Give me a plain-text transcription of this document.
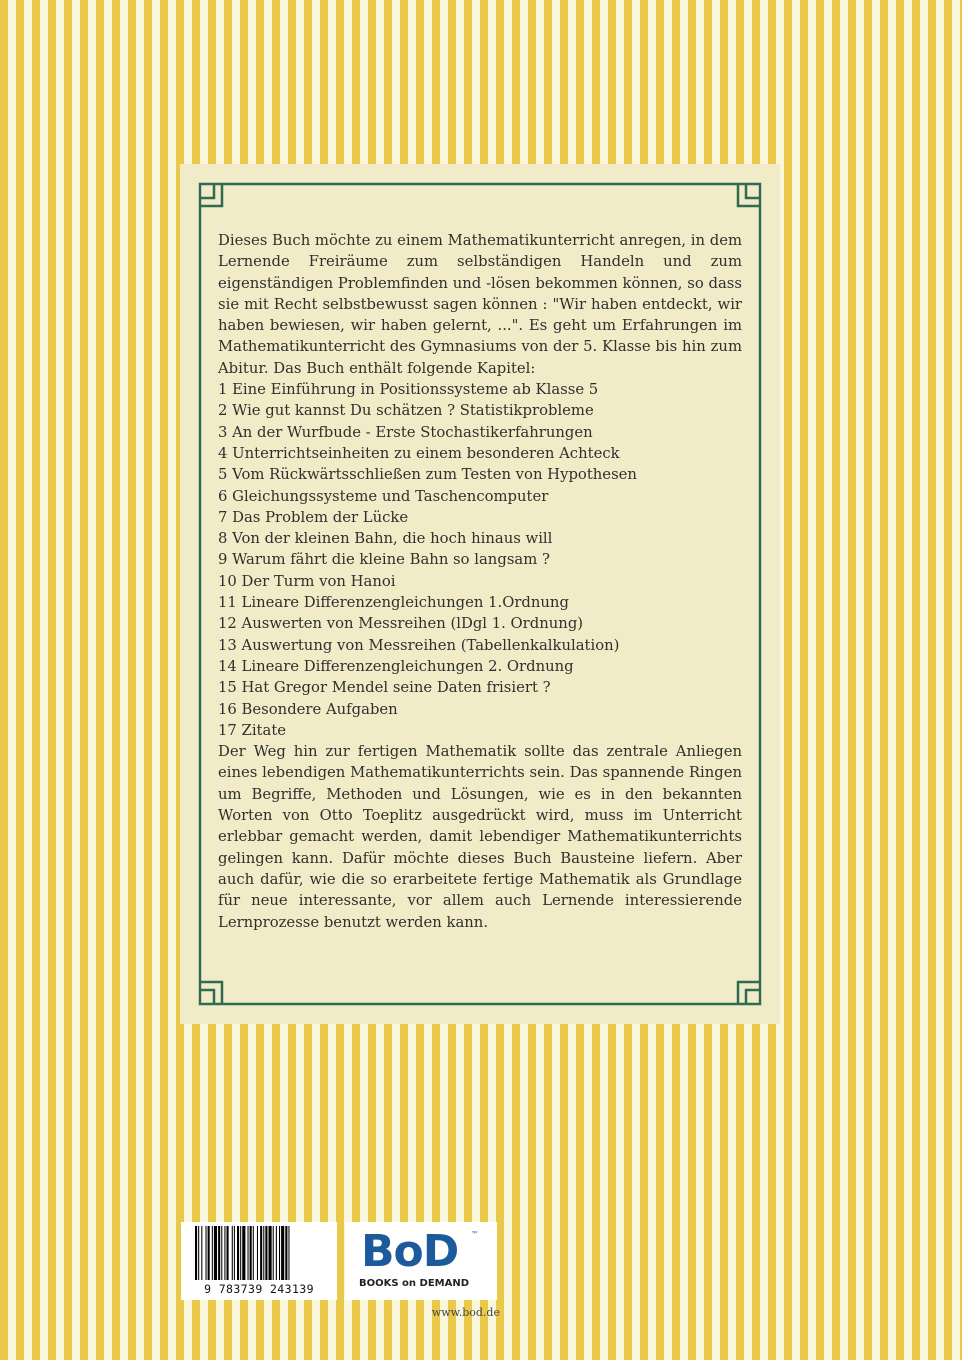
Dieses Buch möchte zu einem Mathematikunterricht anregen, in dem Lernende Freiräume zum selbständigen Handeln und zum eigenständigen Problemfinden und -lösen bekommen können, so dass sie mit Recht selbstbewusst sagen können : "Wir haben entdeckt, wir haben bewiesen, wir haben gelernt, ...". Es geht um Erfahrungen im Mathematikunterricht des Gymnasiums von der 5. Klasse bis hin zum Abitur. Das Buch enthält folgende Kapitel:

1 Eine Einführung in Positionssysteme ab Klasse 5
2 Wie gut kannst Du schätzen ? Statistikprobleme
3 An der Wurfbude - Erste Stochastikerfahrungen
4 Unterrichtseinheiten zu einem besonderen Achteck
5 Vom Rückwärtsschließen zum Testen von Hypothesen
6 Gleichungssysteme und Taschencomputer
7 Das Problem der Lücke
8 Von der kleinen Bahn, die hoch hinaus will
9 Warum fährt die kleine Bahn so langsam ?
10 Der Turm von Hanoi
11 Lineare Differenzengleichungen 1.Ordnung
12 Auswerten von Messreihen (lDgl 1. Ordnung)
13 Auswertung von Messreihen (Tabellenkalkulation)
14 Lineare Differenzengleichungen 2. Ordnung
15 Hat Gregor Mendel seine Daten frisiert ?
16 Besondere Aufgaben
17 Zitate

Der Weg hin zur fertigen Mathematik sollte das zentrale Anliegen eines lebendigen Mathematikunterrichts sein. Das spannende Ringen um Begriffe, Methoden und Lösungen, wie es in den bekannten Worten von Otto Toeplitz ausgedrückt wird, muss im Unterricht erlebbar gemacht werden, damit lebendiger Mathematikunterrichts gelingen kann. Dafür möchte dieses Buch Bausteine liefern. Aber auch dafür, wie die so erarbeitete fertige Mathematik als Grundlage für neue interessante, vor allem auch Lernende interessierende Lernprozesse benutzt werden kann.

9 783739 243139
BoD ™
BOOKS on DEMAND
www.bod.de
